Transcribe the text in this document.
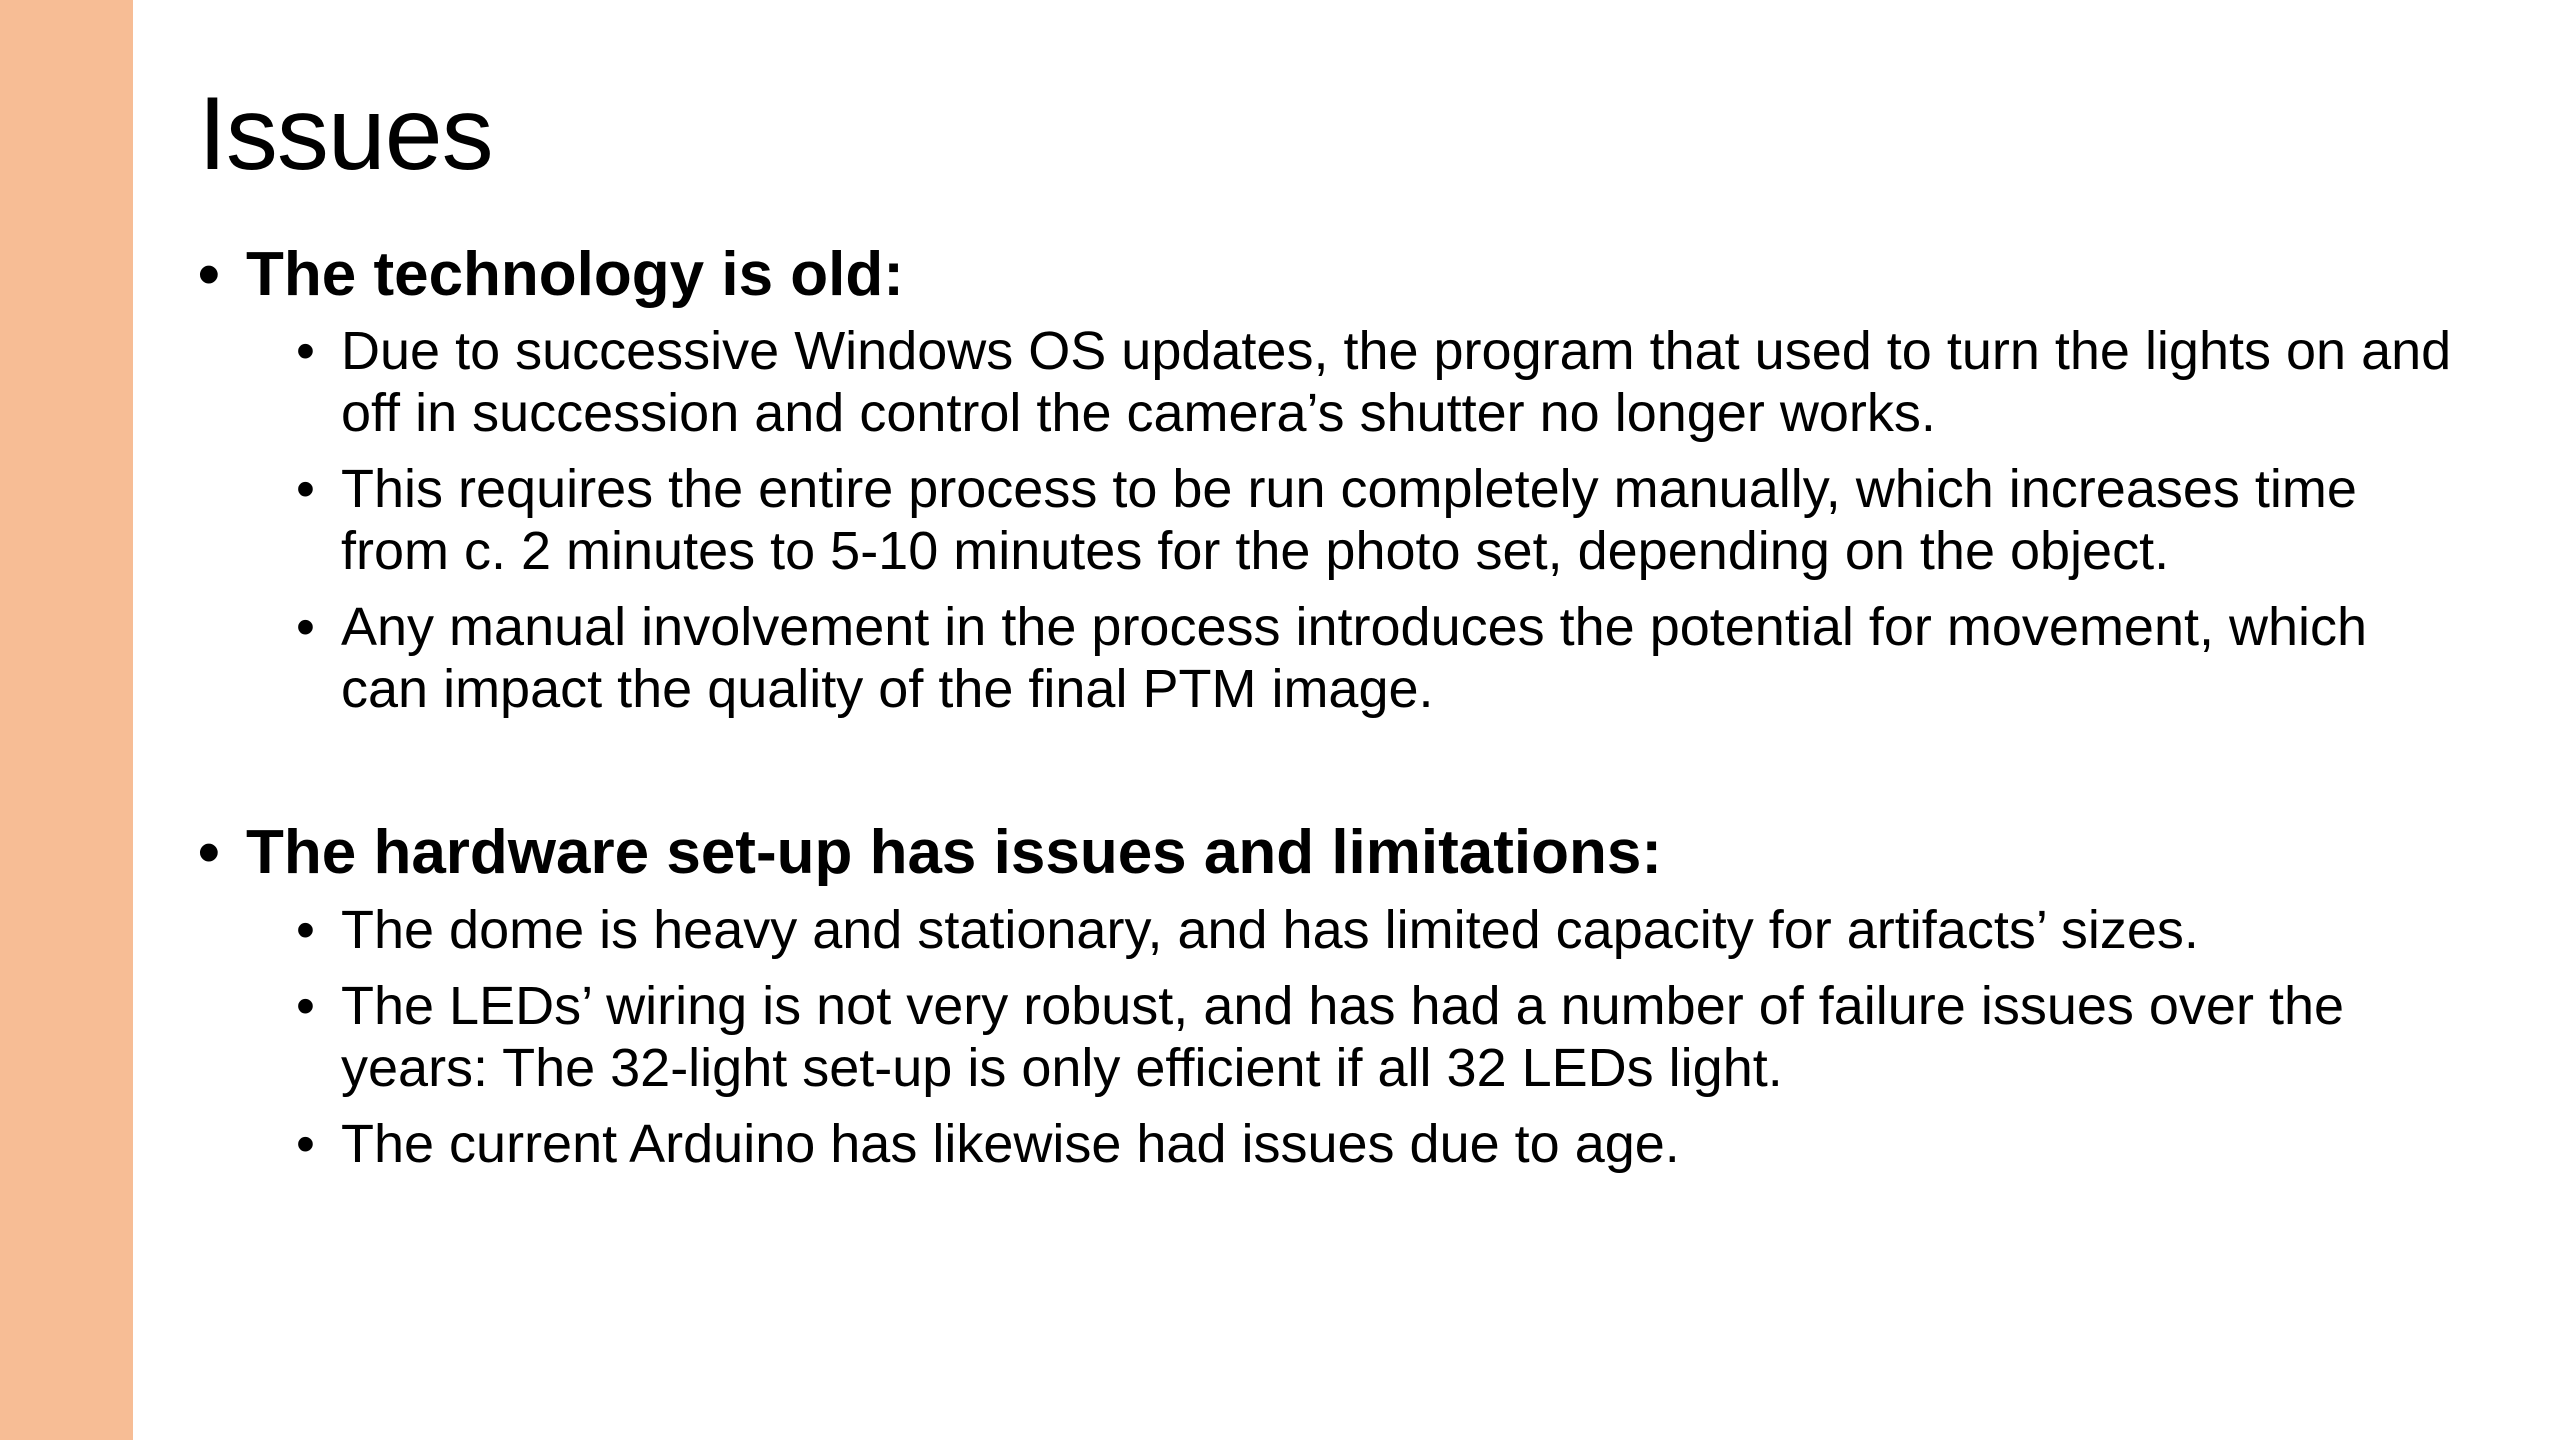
Issues
• The technology is old:
• Due to successive Windows OS updates, the program that used to turn the lights on and off in succession and control the camera’s shutter no longer works.
• This requires the entire process to be run completely manually, which increases time from c. 2 minutes to 5-10 minutes for the photo set, depending on the object.
• Any manual involvement in the process introduces the potential for movement, which can impact the quality of the final PTM image.
• The hardware set-up has issues and limitations:
• The dome is heavy and stationary, and has limited capacity for artifacts’ sizes.
• The LEDs’ wiring is not very robust, and has had a number of failure issues over the years: The 32-light set-up is only efficient if all 32 LEDs light.
• The current Arduino has likewise had issues due to age.
